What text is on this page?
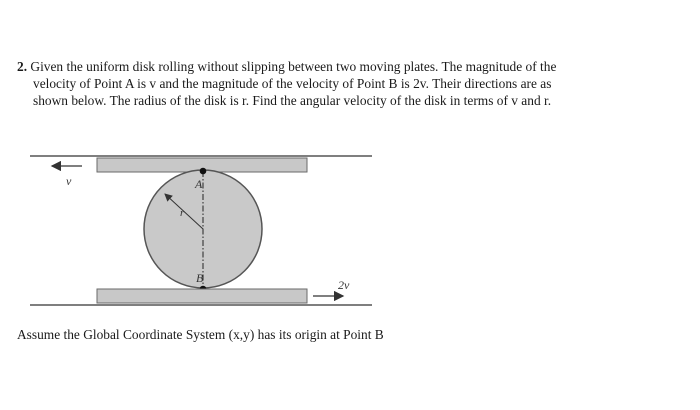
2. Given the uniform disk rolling without slipping between two moving plates. The magnitude of the
velocity of Point A is v and the magnitude of the velocity of Point B is 2v. Their directions are as
shown below. The radius of the disk is r. Find the angular velocity of the disk in terms of v and r.
v
r
A
B	2v
Assume the Global Coordinate System (x,y) has its origin at Point B
